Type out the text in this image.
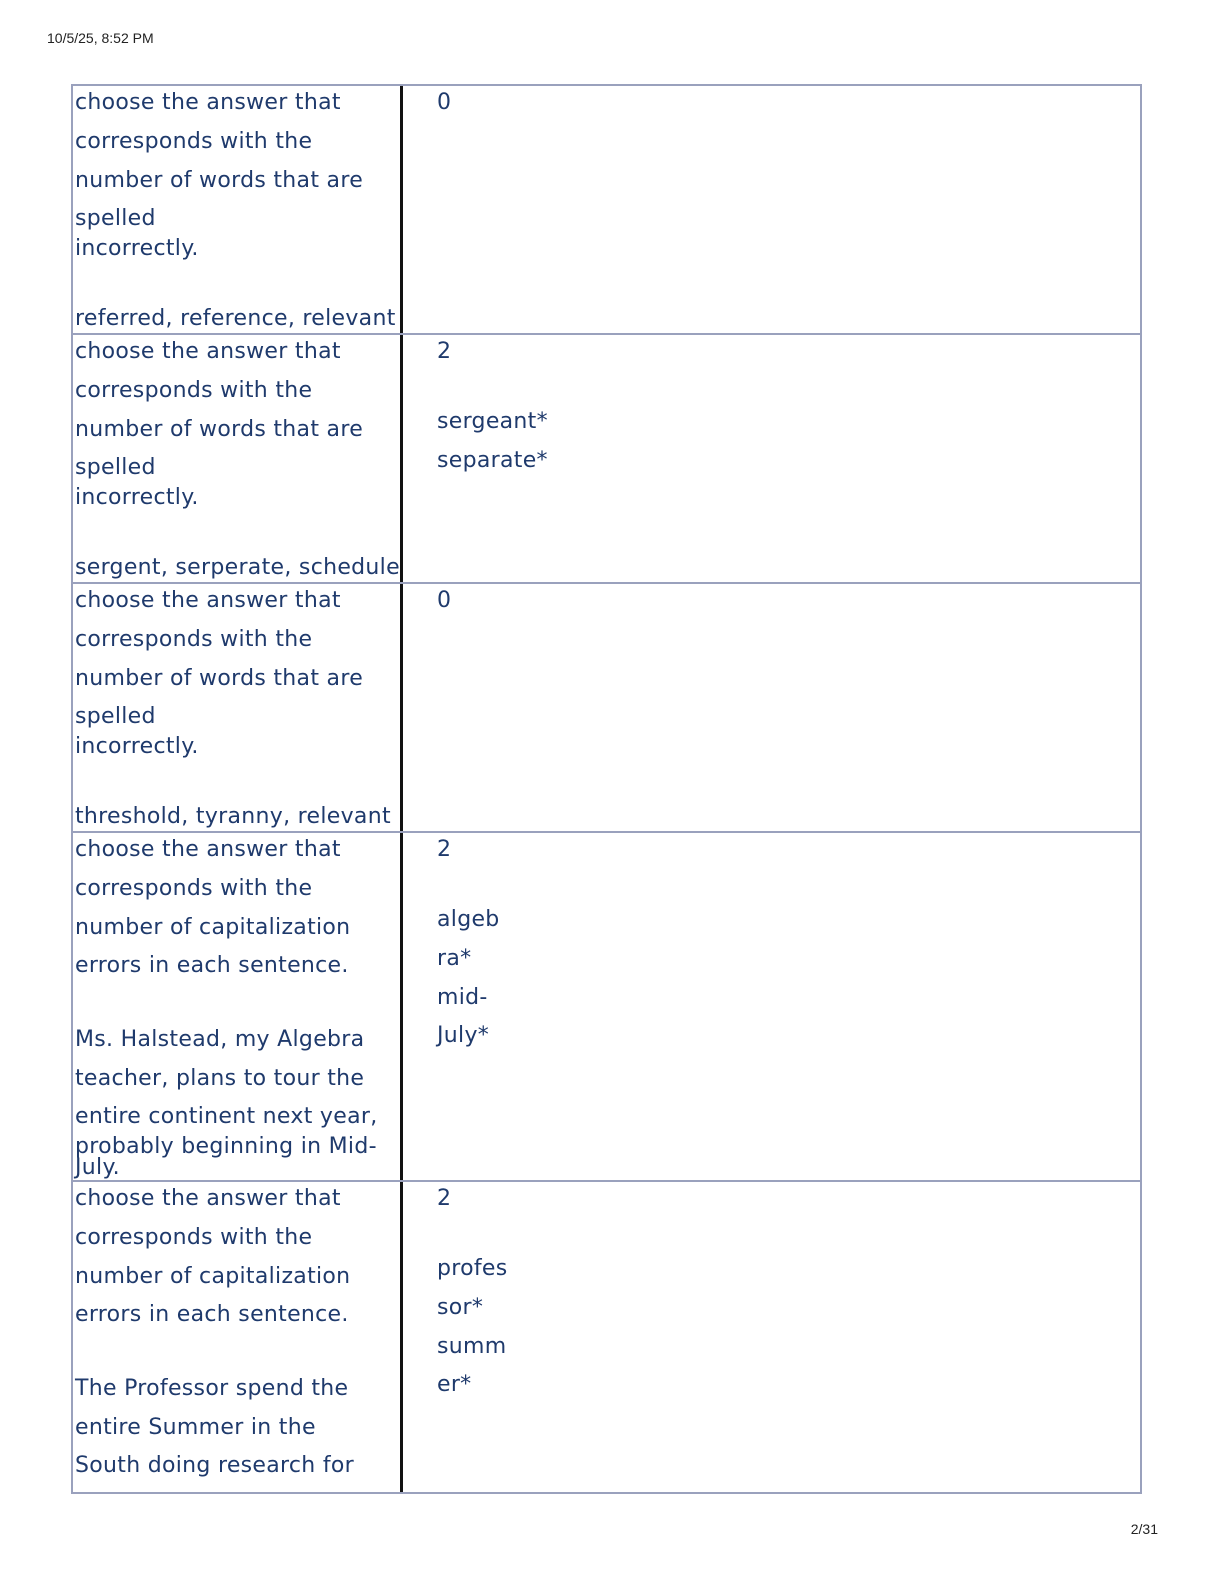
10/5/25, 8:52 PM
choose the answer that
corresponds with the
number of words that are
spelled
incorrectly.
referred, reference, relevant
0
choose the answer that
corresponds with the
number of words that are
spelled
incorrectly.
sergent, serperate, schedule
2
sergeant*
separate*
choose the answer that
corresponds with the
number of words that are
spelled
incorrectly.
threshold, tyranny, relevant
0
choose the answer that
corresponds with the
number of capitalization
errors in each sentence.
Ms. Halstead, my Algebra
teacher, plans to tour the
entire continent next year,
probably beginning in Mid-
July.
2
algeb
ra*
mid-
July*
choose the answer that
corresponds with the
number of capitalization
errors in each sentence.
The Professor spend the
entire Summer in the
South doing research for
2
profes
sor*
summ
er*
2/31
